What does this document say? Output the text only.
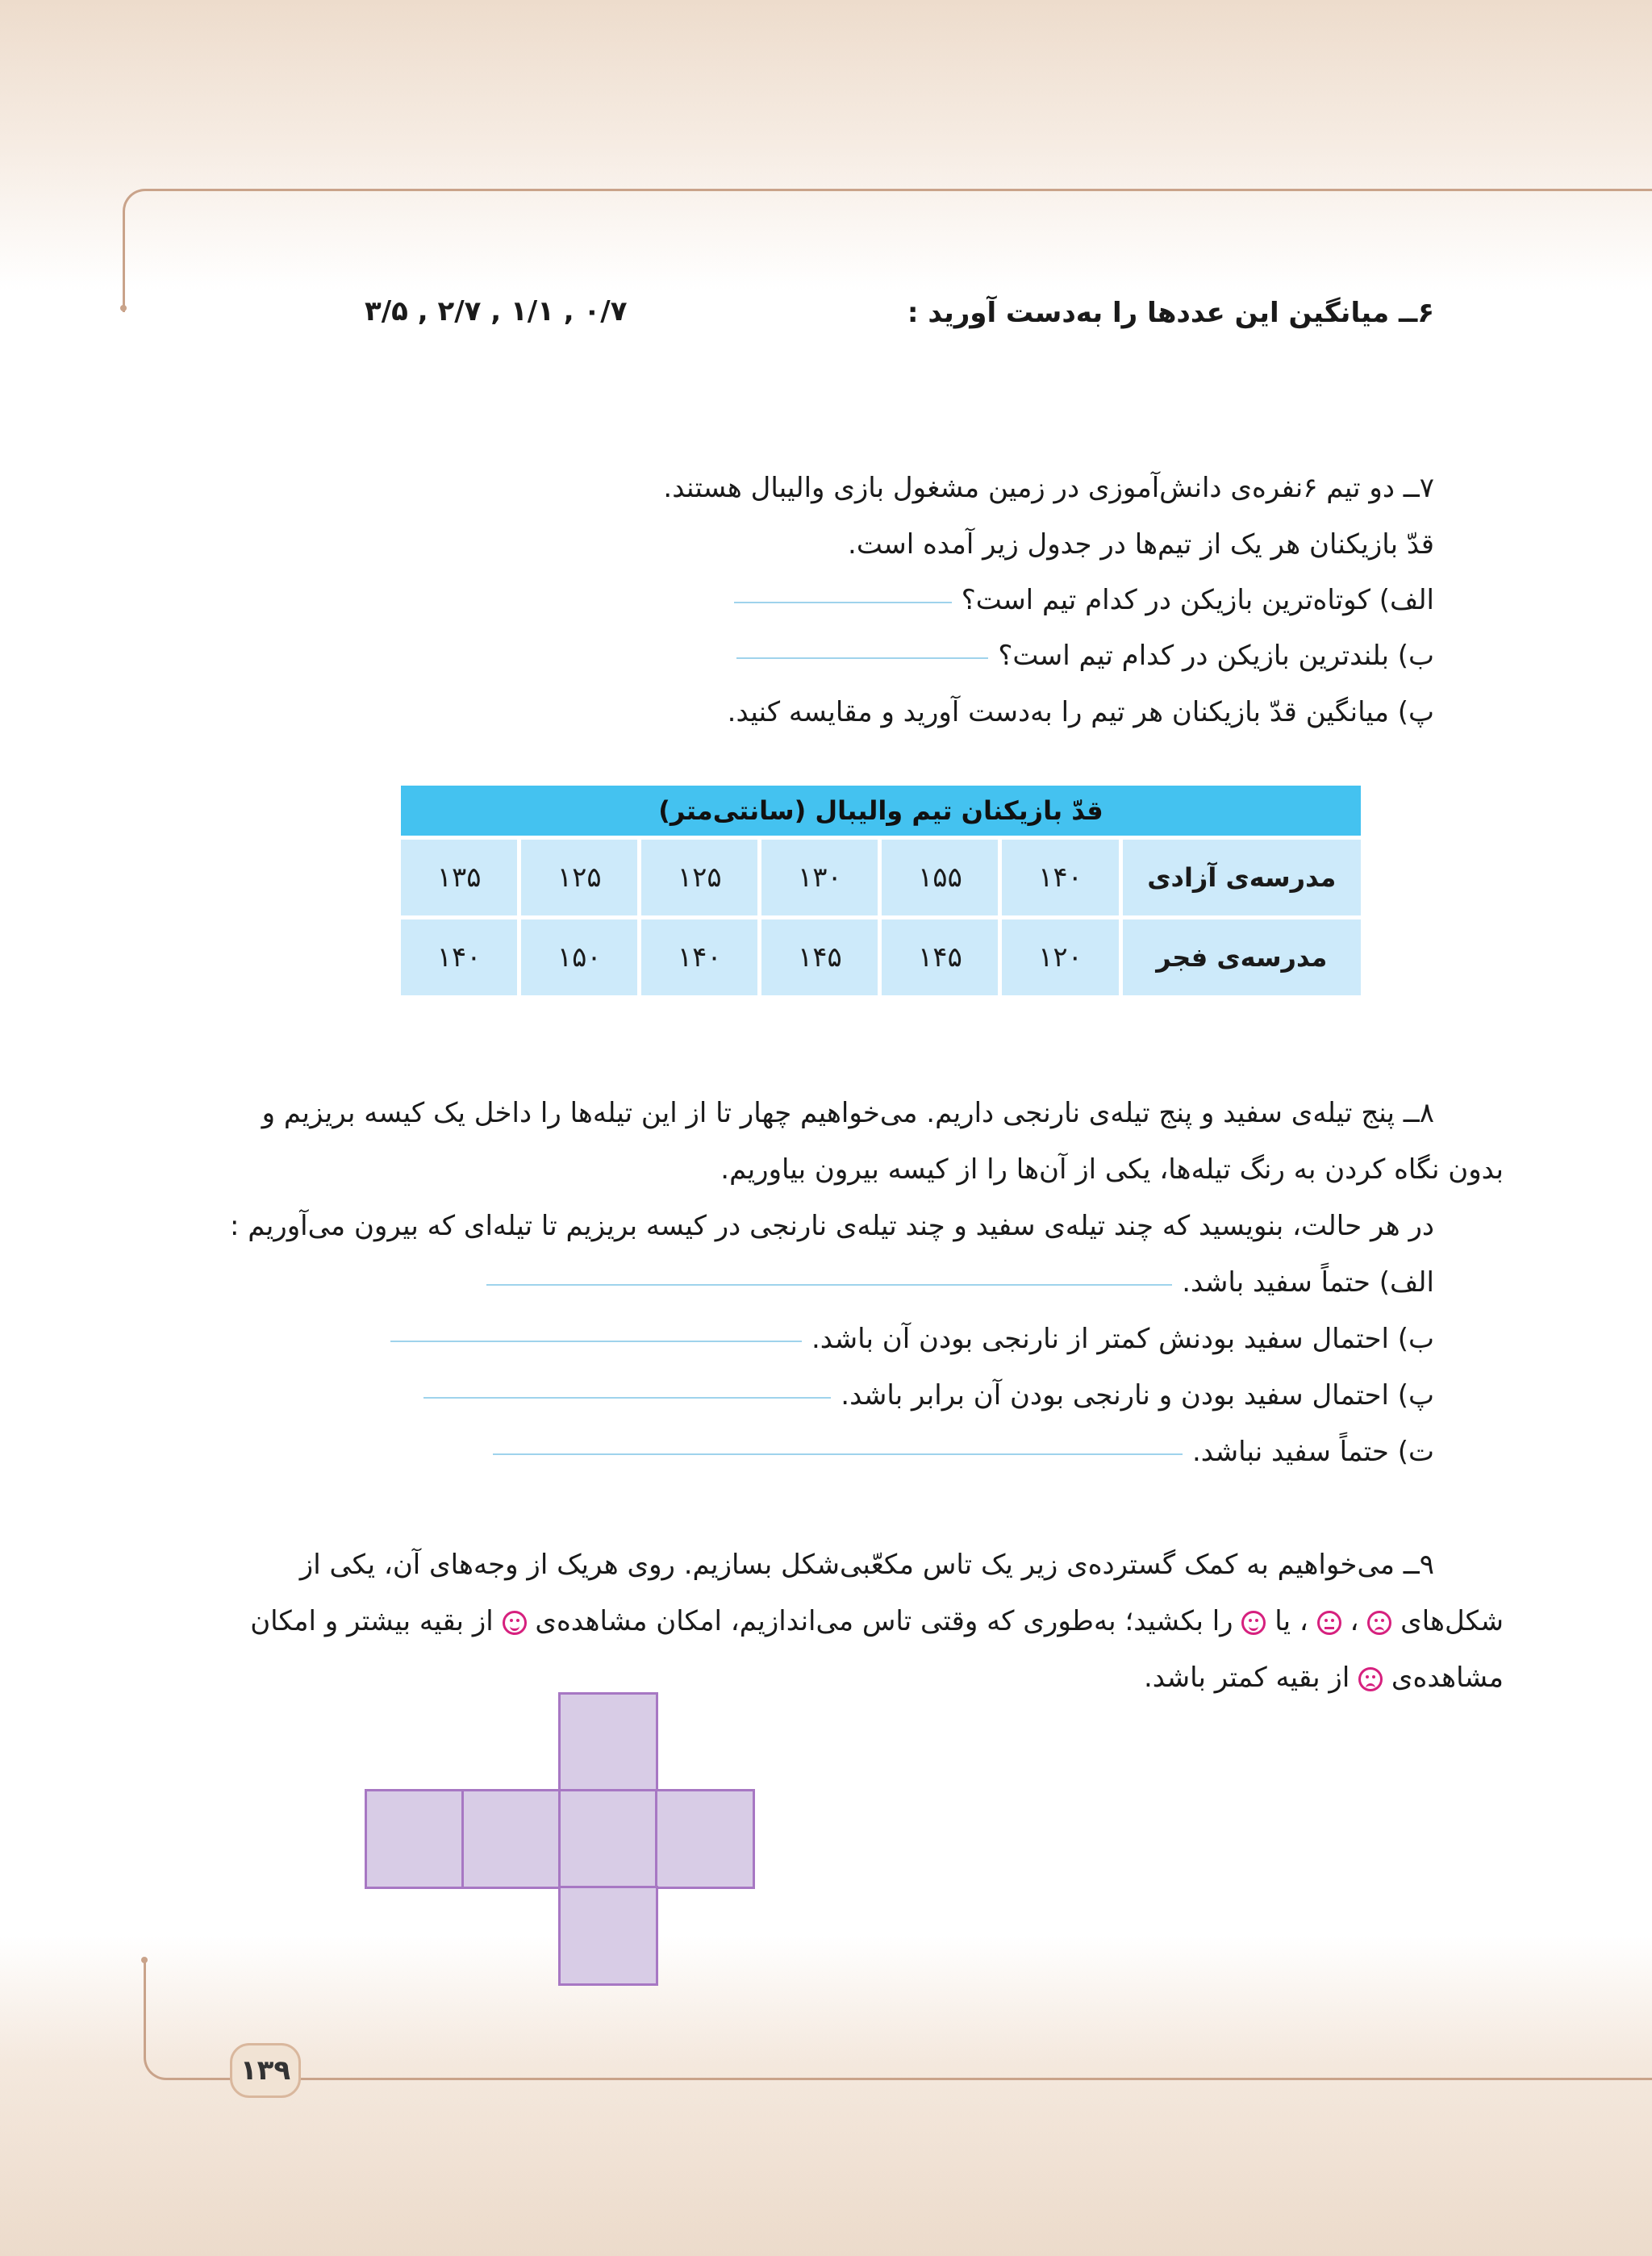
۶ــ میانگین این عددها را به‌دست آورید :
۰/۷ , ۱/۱ , ۲/۷ , ۳/۵
۷ــ دو تیم ۶نفره‌ی دانش‌آموزی در زمین مشغول بازی والیبال هستند.
قدّ بازیکنان هر یک از تیم‌ها در جدول زیر آمده است.
الف) کوتاه‌ترین بازیکن در کدام تیم است؟
ب) بلندترین بازیکن در کدام تیم است؟
پ) میانگین قدّ بازیکنان هر تیم را به‌دست آورید و مقایسه کنید.
قدّ بازیکنان تیم والیبال (سانتی‌متر)						
مدرسه‌ی آزادی	۱۴۰	۱۵۵	۱۳۰	۱۲۵	۱۲۵	۱۳۵
مدرسه‌ی فجر	۱۲۰	۱۴۵	۱۴۵	۱۴۰	۱۵۰	۱۴۰
۸ــ پنج تیله‌ی سفید و پنج تیله‌ی نارنجی داریم. می‌خواهیم چهار تا از این تیله‌ها را داخل یک کیسه بریزیم و
بدون نگاه کردن به رنگ تیله‌ها، یکی از آن‌ها را از کیسه بیرون بیاوریم.
در هر حالت، بنویسید که چند تیله‌ی سفید و چند تیله‌ی نارنجی در کیسه بریزیم تا تیله‌ای که بیرون می‌آوریم :
الف) حتماً سفید باشد.
ب) احتمال سفید بودنش کمتر از نارنجی بودن آن باشد.
پ) احتمال سفید بودن و نارنجی بودن آن برابر باشد.
ت) حتماً سفید نباشد.
۹ــ می‌خواهیم به کمک گسترده‌ی زیر یک تاس مکعّبی‌شکل بسازیم. روی هریک از وجه‌های آن، یکی از
شکل‌های
،
، یا
را بکشید؛ به‌طوری که وقتی تاس می‌اندازیم، امکان مشاهده‌ی
از بقیه بیشتر و امکان
مشاهده‌ی
از بقیه کمتر باشد.
۱۳۹
